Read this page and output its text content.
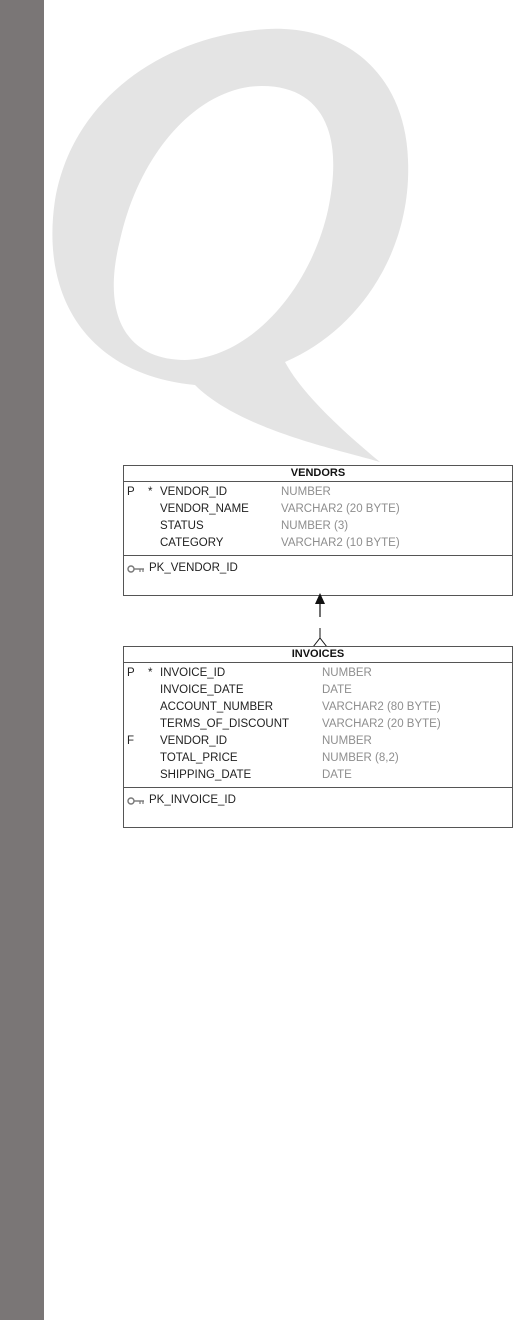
VENDORS
P * VENDOR_ID	NUMBER
VENDOR_NAME	VARCHAR2 (20 BYTE)
STATUS	NUMBER (3)
CATEGORY	VARCHAR2 (10 BYTE)
PK_VENDOR_ID
INVOICES
P * INVOICE_ID	NUMBER
INVOICE_DATE	DATE
ACCOUNT_NUMBER	VARCHAR2 (80 BYTE)
TERMS_OF_DISCOUNT	VARCHAR2 (20 BYTE)
F VENDOR_ID	NUMBER
TOTAL_PRICE	NUMBER (8,2)
SHIPPING_DATE	DATE
PK_INVOICE_ID
